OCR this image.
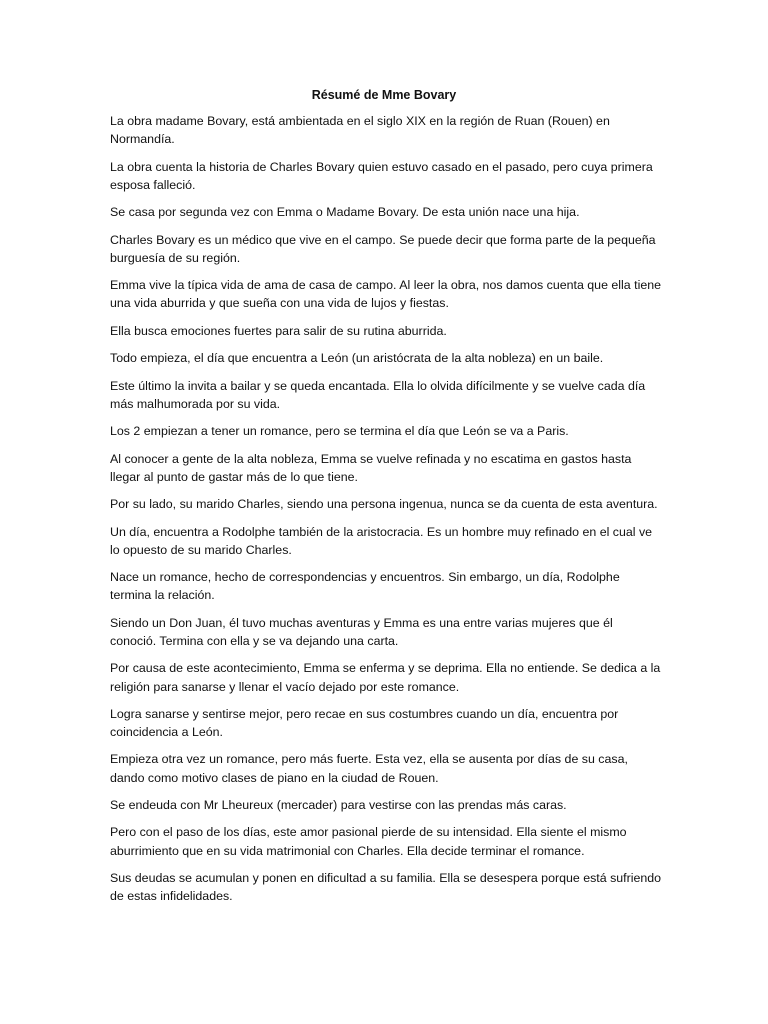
Résumé de Mme Bovary

La obra madame Bovary, está ambientada en el siglo XIX en la región de Ruan (Rouen) en Normandía.

La obra cuenta la historia de Charles Bovary quien estuvo casado en el pasado, pero cuya primera esposa falleció.

Se casa por segunda vez con Emma o Madame Bovary. De esta unión nace una hija.

Charles Bovary es un médico que vive en el campo. Se puede decir que forma parte de la pequeña burguesía de su región.

Emma vive la típica vida de ama de casa de campo. Al leer la obra, nos damos cuenta que ella tiene una vida aburrida y que sueña con una vida de lujos y fiestas.

Ella busca emociones fuertes para salir de su rutina aburrida.

Todo empieza, el día que encuentra a León (un aristócrata de la alta nobleza) en un baile.

Este último la invita a bailar y se queda encantada. Ella lo olvida difícilmente y se vuelve cada día más malhumorada por su vida.

Los 2 empiezan a tener un romance, pero se termina el día que León se va a Paris.

Al conocer a gente de la alta nobleza, Emma se vuelve refinada y no escatima en gastos hasta llegar al punto de gastar más de lo que tiene.

Por su lado, su marido Charles, siendo una persona ingenua, nunca se da cuenta de esta aventura.

Un día, encuentra a Rodolphe también de la aristocracia. Es un hombre muy refinado en el cual ve lo opuesto de su marido Charles.

Nace un romance, hecho de correspondencias y encuentros. Sin embargo, un día, Rodolphe termina la relación.

Siendo un Don Juan, él tuvo muchas aventuras y Emma es una entre varias mujeres que él conoció. Termina con ella y se va dejando una carta.

Por causa de este acontecimiento, Emma se enferma y se deprima. Ella no entiende. Se dedica a la religión para sanarse y llenar el vacío dejado por este romance.

Logra sanarse y sentirse mejor, pero recae en sus costumbres cuando un día, encuentra por coincidencia a León.

Empieza otra vez un romance, pero más fuerte. Esta vez, ella se ausenta por días de su casa, dando como motivo clases de piano en la ciudad de Rouen.

Se endeuda con Mr Lheureux (mercader) para vestirse con las prendas más caras.

Pero con el paso de los días, este amor pasional pierde de su intensidad. Ella siente el mismo aburrimiento que en su vida matrimonial con Charles. Ella decide terminar el romance.

Sus deudas se acumulan y ponen en dificultad a su familia. Ella se desespera porque está sufriendo de estas infidelidades.
